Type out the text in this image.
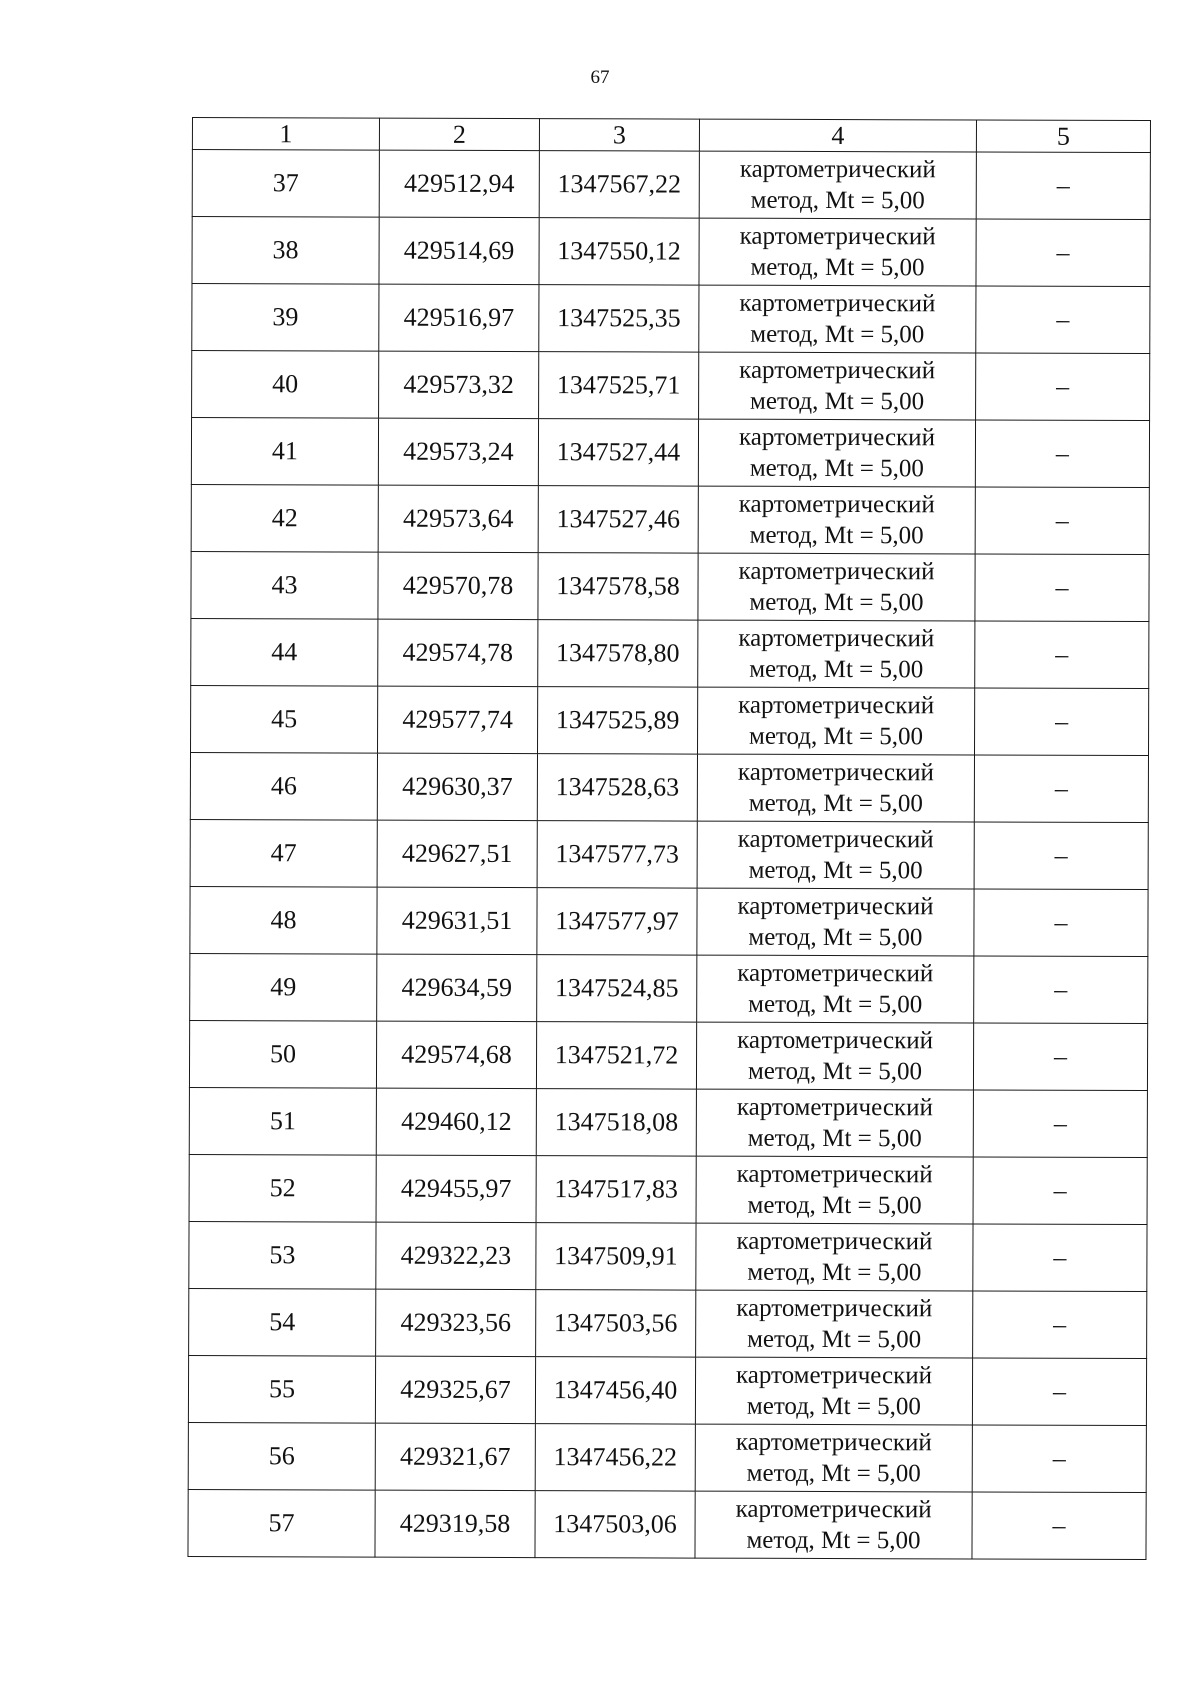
67
1	2	3	4	5
37	429512,94	1347567,22	картометрический
метод, Mt = 5,00	–
38	429514,69	1347550,12	картометрический
метод, Mt = 5,00	–
39	429516,97	1347525,35	картометрический
метод, Mt = 5,00	–
40	429573,32	1347525,71	картометрический
метод, Mt = 5,00	–
41	429573,24	1347527,44	картометрический
метод, Mt = 5,00	–
42	429573,64	1347527,46	картометрический
метод, Mt = 5,00	–
43	429570,78	1347578,58	картометрический
метод, Mt = 5,00	–
44	429574,78	1347578,80	картометрический
метод, Mt = 5,00	–
45	429577,74	1347525,89	картометрический
метод, Mt = 5,00	–
46	429630,37	1347528,63	картометрический
метод, Mt = 5,00	–
47	429627,51	1347577,73	картометрический
метод, Mt = 5,00	–
48	429631,51	1347577,97	картометрический
метод, Mt = 5,00	–
49	429634,59	1347524,85	картометрический
метод, Mt = 5,00	–
50	429574,68	1347521,72	картометрический
метод, Mt = 5,00	–
51	429460,12	1347518,08	картометрический
метод, Mt = 5,00	–
52	429455,97	1347517,83	картометрический
метод, Mt = 5,00	–
53	429322,23	1347509,91	картометрический
метод, Mt = 5,00	–
54	429323,56	1347503,56	картометрический
метод, Mt = 5,00	–
55	429325,67	1347456,40	картометрический
метод, Mt = 5,00	–
56	429321,67	1347456,22	картометрический
метод, Mt = 5,00	–
57	429319,58	1347503,06	картометрический
метод, Mt = 5,00	–
